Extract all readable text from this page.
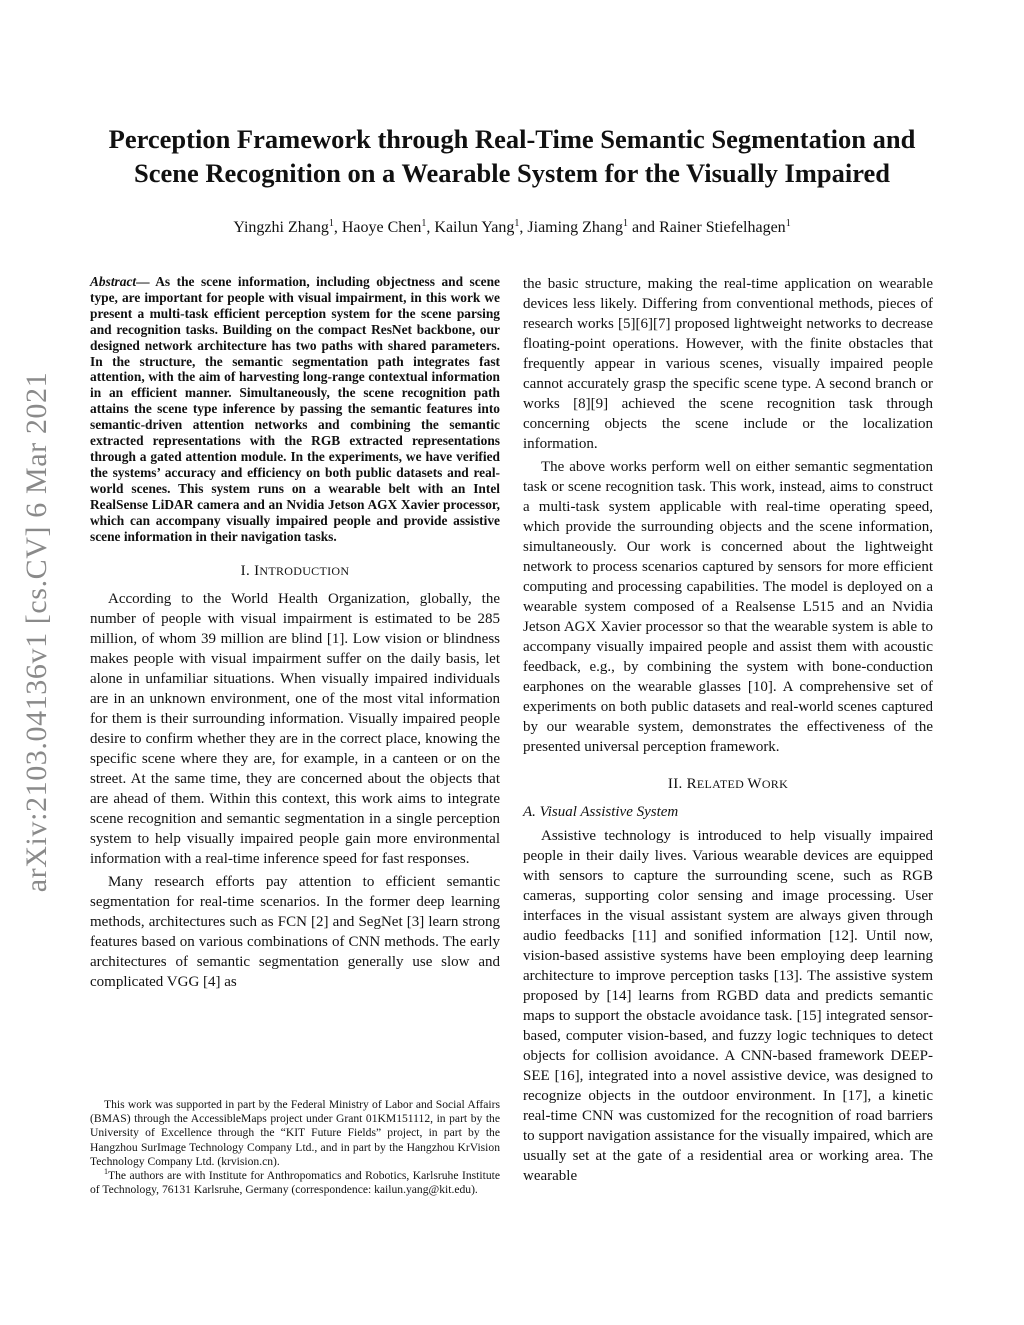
arXiv:2103.04136v1 [cs.CV] 6 Mar 2021
Perception Framework through Real-Time Semantic Segmentation and
Scene Recognition on a Wearable System for the Visually Impaired
Yingzhi Zhang$^1$, Haoye Chen$^1$, Kailun Yang$^1$, Jiaming Zhang$^1$ and Rainer Stiefelhagen$^1$

Abstract— As the scene information, including objectness and scene type, are important for people with visual impairment, in this work we present a multi-task efficient perception system for the scene parsing and recognition tasks. Building on the compact ResNet backbone, our designed network architecture has two paths with shared parameters. In the structure, the semantic segmentation path integrates fast attention, with the aim of harvesting long-range contextual information in an efficient manner. Simultaneously, the scene recognition path attains the scene type inference by passing the semantic features into semantic-driven attention networks and combining the semantic extracted representations with the RGB extracted representations through a gated attention module. In the experiments, we have verified the systems’ accuracy and efficiency on both public datasets and real-world scenes. This system runs on a wearable belt with an Intel RealSense LiDAR camera and an Nvidia Jetson AGX Xavier processor, which can accompany visually impaired people and provide assistive scene information in their navigation tasks.

I. INTRODUCTION

According to the World Health Organization, globally, the number of people with visual impairment is estimated to be 285 million, of whom 39 million are blind [1]. Low vision or blindness makes people with visual impairment suffer on the daily basis, let alone in unfamiliar situations. When visually impaired individuals are in an unknown environment, one of the most vital information for them is their surrounding information. Visually impaired people desire to confirm whether they are in the correct place, knowing the specific scene where they are, for example, in a canteen or on the street. At the same time, they are concerned about the objects that are ahead of them. Within this context, this work aims to integrate scene recognition and semantic segmentation in a single perception system to help visually impaired people gain more environmental information with a real-time inference speed for fast responses.

Many research efforts pay attention to efficient semantic segmentation for real-time scenarios. In the former deep learning methods, architectures such as FCN [2] and SegNet [3] learn strong features based on various combinations of CNN methods. The early architectures of semantic segmentation generally use slow and complicated VGG [4] as

This work was supported in part by the Federal Ministry of Labor and Social Affairs (BMAS) through the AccessibleMaps project under Grant 01KM151112, in part by the University of Excellence through the “KIT Future Fields” project, in part by the Hangzhou SurImage Technology Company Ltd., and in part by the Hangzhou KrVision Technology Company Ltd. (krvision.cn).

$^1$The authors are with Institute for Anthropomatics and Robotics, Karlsruhe Institute of Technology, 76131 Karlsruhe, Germany (correspondence: kailun.yang@kit.edu).

the basic structure, making the real-time application on wearable devices less likely. Differing from conventional methods, pieces of research works [5][6][7] proposed lightweight networks to decrease floating-point operations. However, with the finite obstacles that frequently appear in various scenes, visually impaired people cannot accurately grasp the specific scene type. A second branch or works [8][9] achieved the scene recognition task through concerning objects the scene include or the localization information.

The above works perform well on either semantic segmentation task or scene recognition task. This work, instead, aims to construct a multi-task system applicable with real-time operating speed, which provide the surrounding objects and the scene information, simultaneously. Our work is concerned about the lightweight network to process scenarios captured by sensors for more efficient computing and processing capabilities. The model is deployed on a wearable system composed of a Realsense L515 and an Nvidia Jetson AGX Xavier processor so that the wearable system is able to accompany visually impaired people and assist them with acoustic feedback, e.g., by combining the system with bone-conduction earphones on the wearable glasses [10]. A comprehensive set of experiments on both public datasets and real-world scenes captured by our wearable system, demonstrates the effectiveness of the presented universal perception framework.

II. RELATED WORK
A. Visual Assistive System

Assistive technology is introduced to help visually impaired people in their daily lives. Various wearable devices are equipped with sensors to capture the surrounding scene, such as RGB cameras, supporting color sensing and image processing. User interfaces in the visual assistant system are always given through audio feedbacks [11] and sonified information [12]. Until now, vision-based assistive systems have been employing deep learning architecture to improve perception tasks [13]. The assistive system proposed by [14] learns from RGBD data and predicts semantic maps to support the obstacle avoidance task. [15] integrated sensor-based, computer vision-based, and fuzzy logic techniques to detect objects for collision avoidance. A CNN-based framework DEEP-SEE [16], integrated into a novel assistive device, was designed to recognize objects in the outdoor environment. In [17], a kinetic real-time CNN was customized for the recognition of road barriers to support navigation assistance for the visually impaired, which are usually set at the gate of a residential area or working area. The wearable
